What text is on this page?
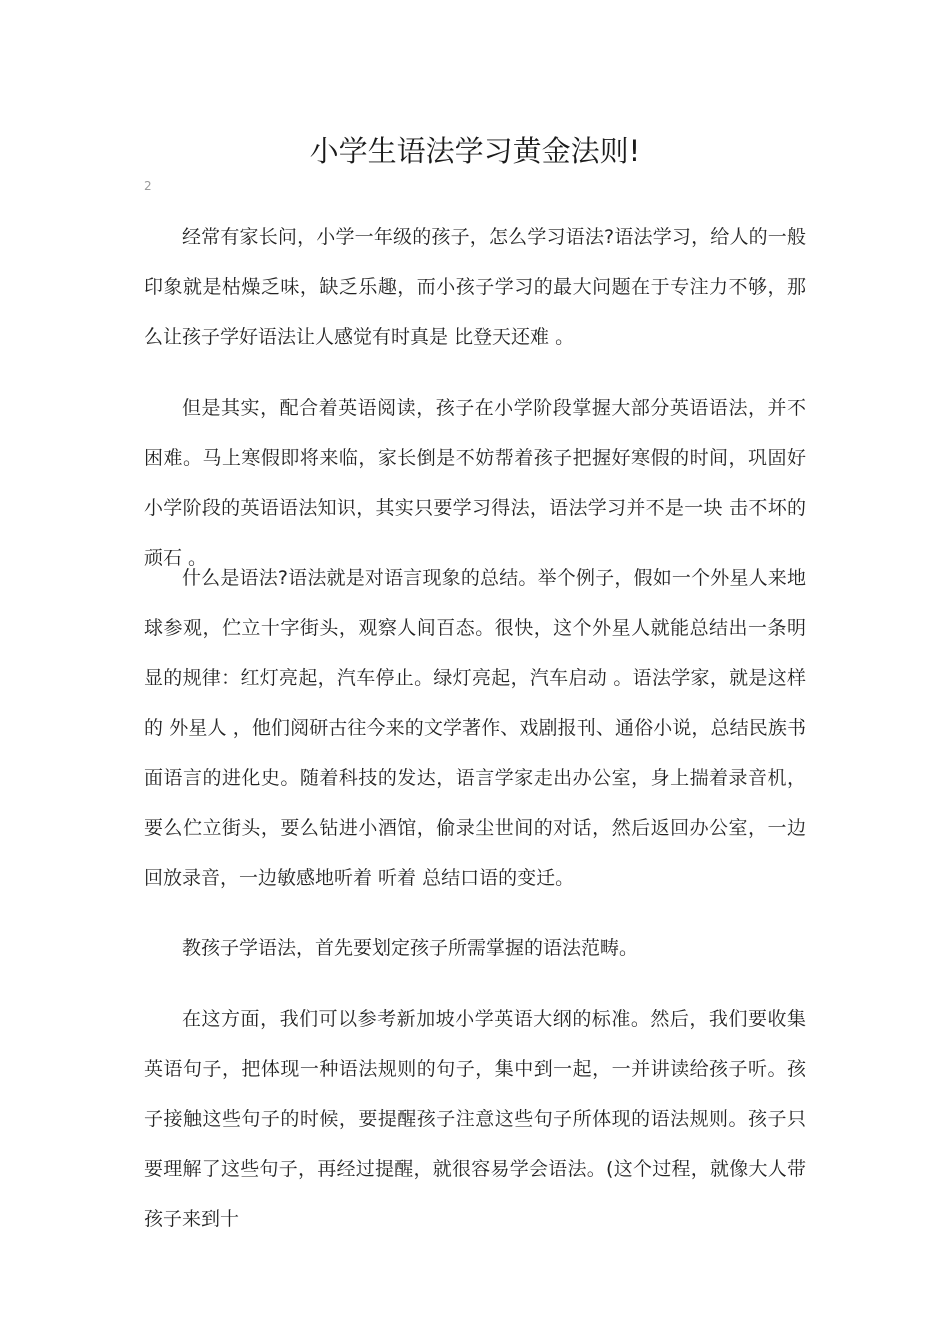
小学生语法学习黄金法则!
2

经常有家长问，小学一年级的孩子，怎么学习语法?语法学习，给人的一般印象就是枯燥乏味，缺乏乐趣，而小孩子学习的最大问题在于专注力不够，那么让孩子学好语法让人感觉有时真是 比登天还难 。

但是其实，配合着英语阅读，孩子在小学阶段掌握大部分英语语法，并不困难。马上寒假即将来临，家长倒是不妨帮着孩子把握好寒假的时间，巩固好小学阶段的英语语法知识，其实只要学习得法，语法学习并不是一块 击不坏的顽石 。

什么是语法?语法就是对语言现象的总结。举个例子，假如一个外星人来地球参观，伫立十字街头，观察人间百态。很快，这个外星人就能总结出一条明显的规律：红灯亮起，汽车停止。绿灯亮起，汽车启动 。语法学家，就是这样的 外星人 ，他们阅研古往今来的文学著作、戏剧报刊、通俗小说，总结民族书面语言的进化史。随着科技的发达，语言学家走出办公室，身上揣着录音机，要么伫立街头，要么钻进小酒馆，偷录尘世间的对话，然后返回办公室，一边回放录音，一边敏感地听着 听着 总结口语的变迁。

教孩子学语法，首先要划定孩子所需掌握的语法范畴。

在这方面，我们可以参考新加坡小学英语大纲的标准。然后，我们要收集英语句子，把体现一种语法规则的句子，集中到一起，一并讲读给孩子听。孩子接触这些句子的时候，要提醒孩子注意这些句子所体现的语法规则。孩子只要理解了这些句子，再经过提醒，就很容易学会语法。(这个过程，就像大人带孩子来到十
